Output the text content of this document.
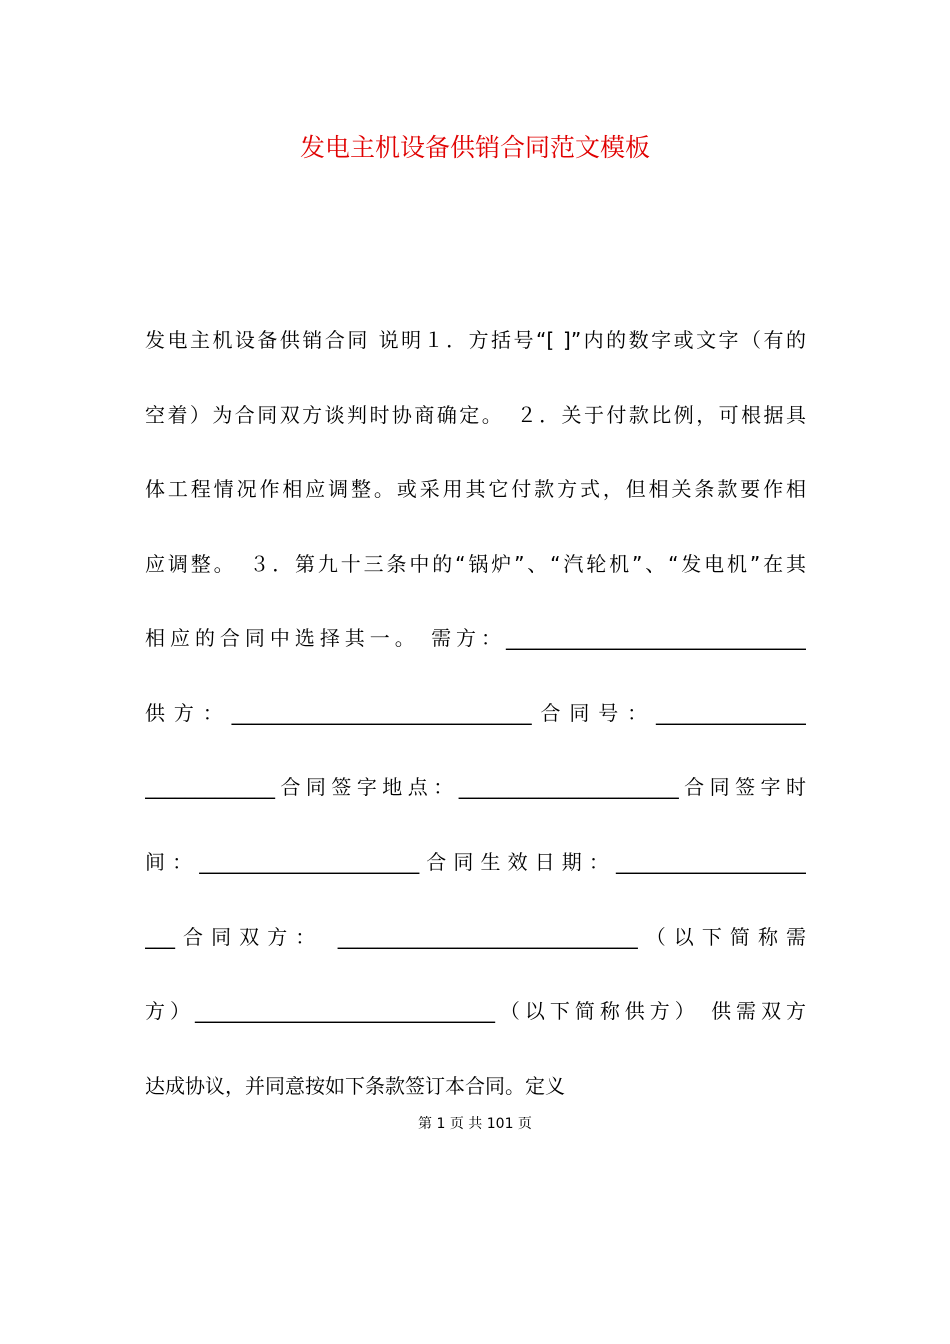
发电主机设备供销合同范文模板

发电主机设备供销合同 说明１．方括号“[ ]”内的数字或文字（有的

空着）为合同双方谈判时协商确定。　２．关于付款比例，可根据具

体工程情况作相应调整。或采用其它付款方式，但相关条款要作相

应调整。　３．第九十三条中的“锅炉”、“汽轮机”、“发电机”在其

相应的合同中选择其一。 需方：______________________________

供方：______________________________合同号：_______________

_____________合同签字地点：______________________合同签字时

间：______________________合同生效日期：___________________

___合同双方： ______________________________（以下简称需

方）______________________________（以下简称供方） 供需双方

达成协议，并同意按如下条款签订本合同。定义

第 1 页 共 101 页
